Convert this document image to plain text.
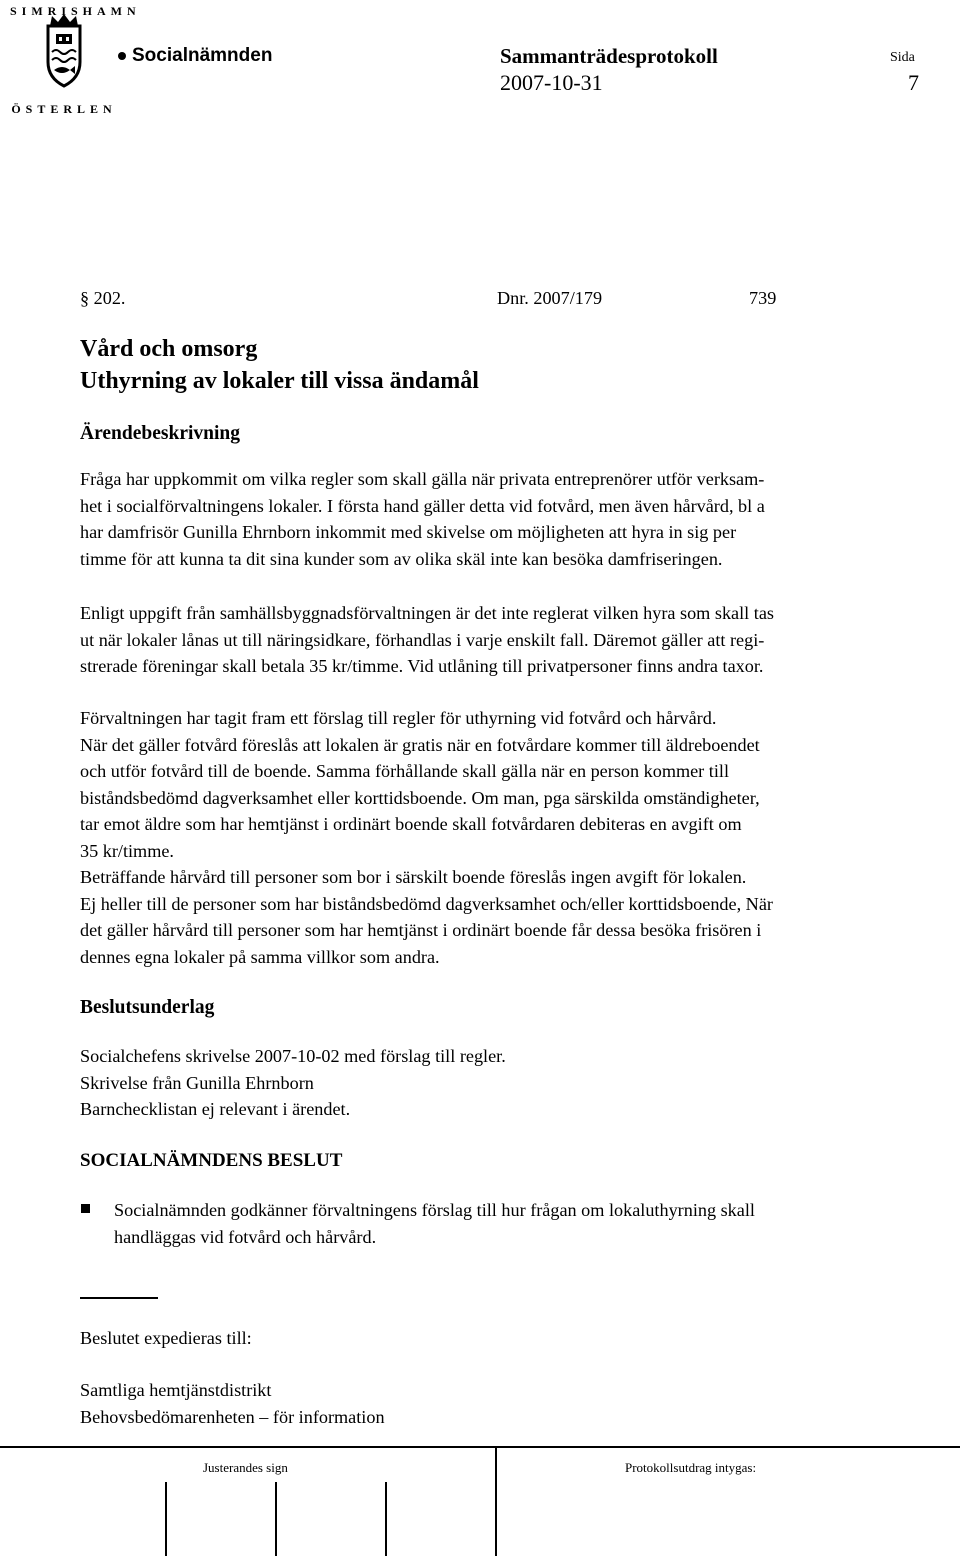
SIMRISHAMN
ÖSTERLEN
Socialnämnden	Sammanträdesprotokoll
2007-10-31
Sida
7
§ 202.	Dnr. 2007/179	739
Vård och omsorg
Uthyrning av lokaler till vissa ändamål
Ärendebeskrivning

Fråga har uppkommit om vilka regler som skall gälla när privata entreprenörer utför verksam-

het i socialförvaltningens lokaler. I första hand gäller detta vid fotvård, men även hårvård, bl a

har damfrisör Gunilla Ehrnborn inkommit med skivelse om möjligheten att hyra in sig per

timme för att kunna ta dit sina kunder som av olika skäl inte kan besöka damfriseringen.

Enligt uppgift från samhällsbyggnadsförvaltningen är det inte reglerat vilken hyra som skall tas

ut när lokaler lånas ut till näringsidkare, förhandlas i varje enskilt fall. Däremot gäller att regi-

strerade föreningar skall betala 35 kr/timme. Vid utlåning till privatpersoner finns andra taxor.

Förvaltningen har tagit fram ett förslag till regler för uthyrning vid fotvård och hårvård.

När det gäller fotvård föreslås att lokalen är gratis när en fotvårdare kommer till äldreboendet

och utför fotvård till de boende. Samma förhållande skall gälla när en person kommer till

biståndsbedömd dagverksamhet eller korttidsboende. Om man, pga särskilda omständigheter,

tar emot äldre som har hemtjänst i ordinärt boende skall fotvårdaren debiteras en avgift om

35 kr/timme.

Beträffande hårvård till personer som bor i särskilt boende föreslås ingen avgift för lokalen.

Ej heller till de personer som har biståndsbedömd dagverksamhet och/eller korttidsboende, När

det gäller hårvård till personer som har hemtjänst i ordinärt boende får dessa besöka frisören i

dennes egna lokaler på samma villkor som andra.

Beslutsunderlag

Socialchefens skrivelse 2007-10-02 med förslag till regler.

Skrivelse från Gunilla Ehrnborn

Barnchecklistan ej relevant i ärendet.

SOCIALNÄMNDENS BESLUT

Socialnämnden godkänner förvaltningens förslag till hur frågan om lokaluthyrning skall

handläggas vid fotvård och hårvård.

Beslutet expedieras till:

Samtliga hemtjänstdistrikt

Behovsbedömarenheten – för information

Justerandes sign	Protokollsutdrag intygas:
